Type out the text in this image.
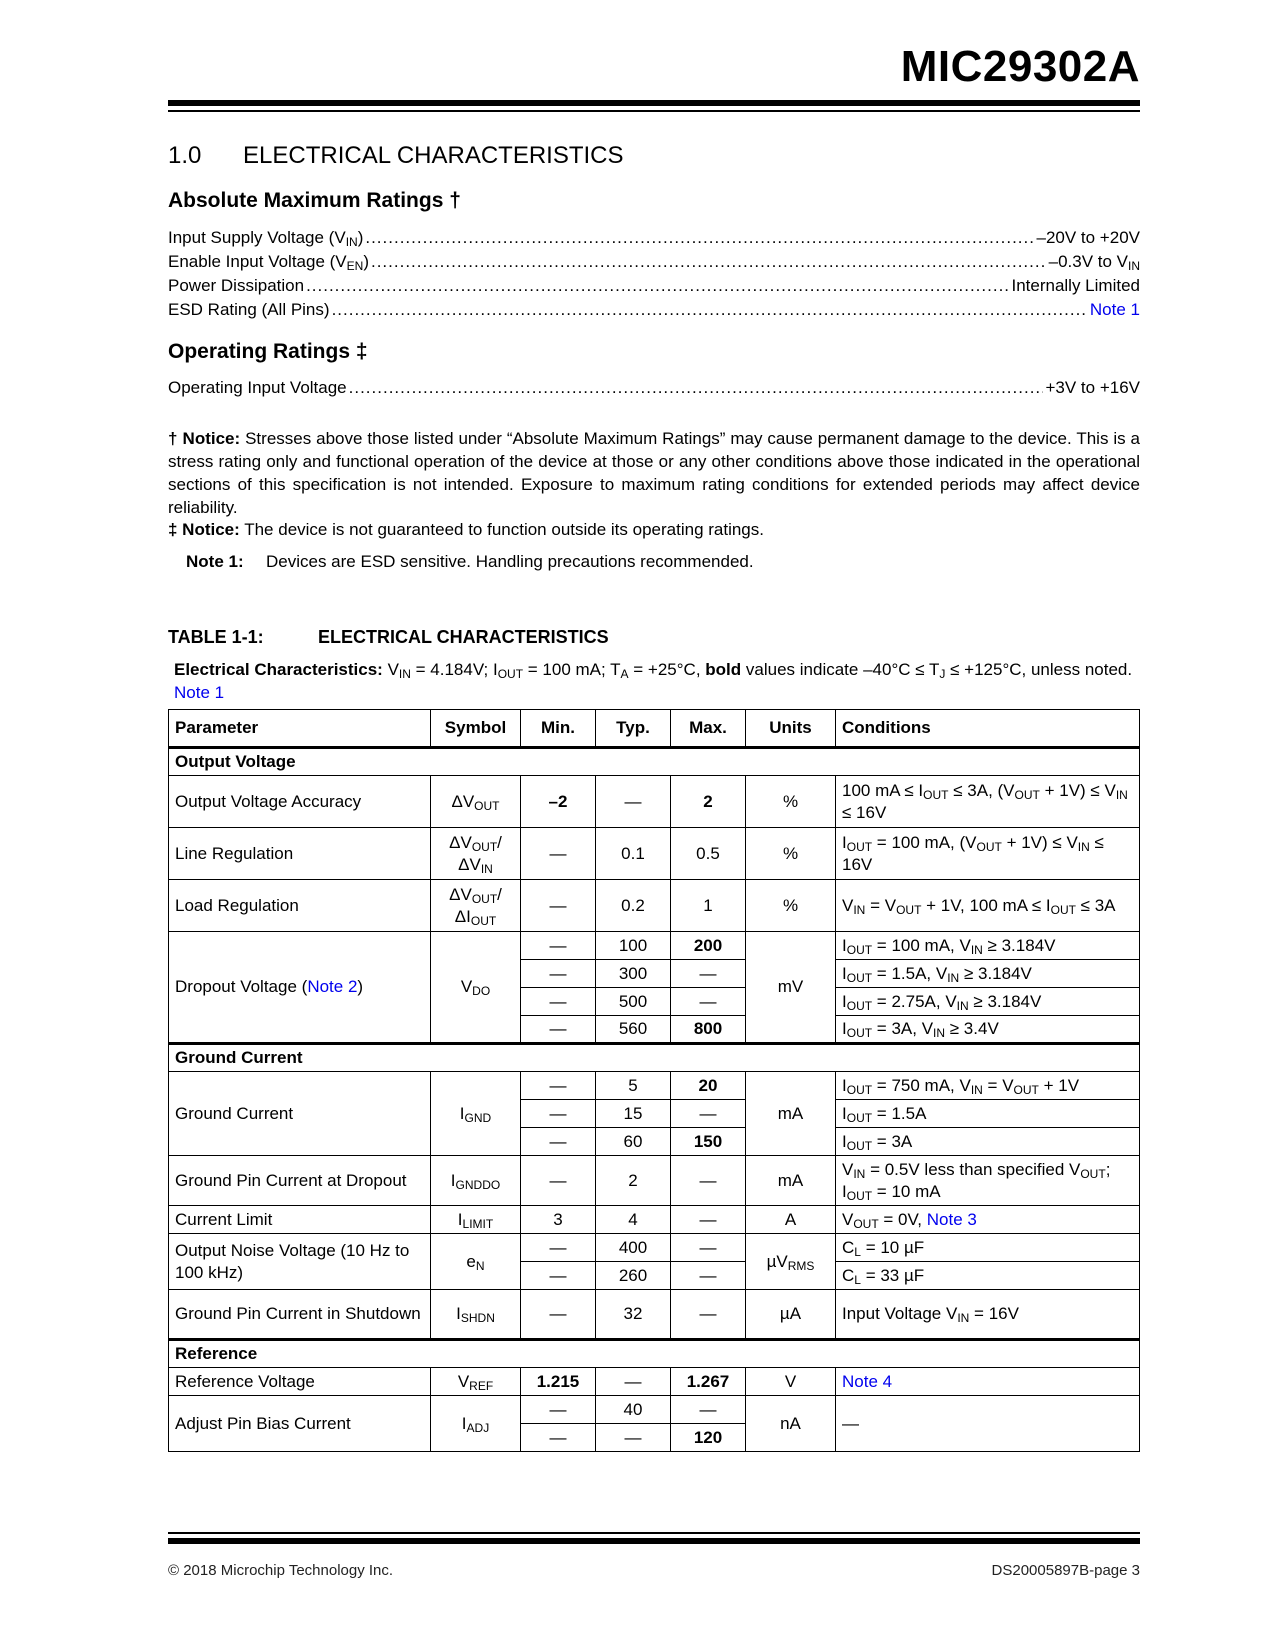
MIC29302A
1.0 ELECTRICAL CHARACTERISTICS
Absolute Maximum Ratings †
Input Supply Voltage $(V_{IN})$ .....	–20V to +20V
Enable Input Voltage $(V_{EN})$ .....	–0.3V to $V_{IN}$
Power Dissipation .....	Internally Limited
ESD Rating (All Pins) .....	Note 1
Operating Ratings ‡
Operating Input Voltage .....	+3V to +16V
† Notice: Stresses above those listed under “Absolute Maximum Ratings” may cause permanent damage to the device. This is a stress rating only and functional operation of the device at those or any other conditions above those indicated in the operational sections of this specification is not intended. Exposure to maximum rating conditions for extended periods may affect device reliability.
‡ Notice: The device is not guaranteed to function outside its operating ratings.
Note 1: Devices are ESD sensitive. Handling precautions recommended.
TABLE 1-1:	ELECTRICAL CHARACTERISTICS
Electrical Characteristics: $V_{IN} = 4.184V$; $I_{OUT} = 100$ mA; $T_A = +25^\circ C$, bold values indicate $-40^\circ C \le T_J \le +125^\circ C$, unless noted. Note 1
Parameter	Symbol	Min.	Typ.	Max.	Units	Conditions
Output Voltage						
Output Voltage Accuracy	$\Delta V_{OUT}$	–2	—	2	%	100 mA ≤ $I_{OUT} \le 3A$, $(V_{OUT} + 1V) \le V_{IN} \le 16V$
Line Regulation	$\Delta V_{OUT}/$
$\Delta V_{IN}$	—	0.1	0.5	%	$I_{OUT} = 100$ mA, $(V_{OUT} + 1V) \le V_{IN} \le 16V$
Load Regulation	$\Delta V_{OUT}/$
$\Delta I_{OUT}$	—	0.2	1	%	$V_{IN} = V_{OUT} + 1V$, 100 mA ≤ $I_{OUT} \le 3A$
Dropout Voltage (Note 2)	$V_{DO}$	—	100	200	mV	$I_{OUT} = 100$ mA, $V_{IN} \ge 3.184V$
		—	300	—		$I_{OUT} = 1.5A$, $V_{IN} \ge 3.184V$
		—	500	—		$I_{OUT} = 2.75A$, $V_{IN} \ge 3.184V$
		—	560	800		$I_{OUT} = 3A$, $V_{IN} \ge 3.4V$
Ground Current						
Ground Current	$I_{GND}$	—	5	20	mA	$I_{OUT} = 750$ mA, $V_{IN} = V_{OUT} + 1V$
		—	15	—		$I_{OUT} = 1.5A$
		—	60	150		$I_{OUT} = 3A$
Ground Pin Current at Dropout	$I_{GNDDO}$	—	2	—	mA	$V_{IN} = 0.5V$ less than specified $V_{OUT}$; $I_{OUT} = 10$ mA
Current Limit	$I_{LIMIT}$	3	4	—	A	$V_{OUT} = 0V$, Note 3
Output Noise Voltage (10 Hz to 100 kHz)	$e_N$	—	400	—	µV$_{RMS}$	$C_L = 10$ µF
		—	260	—		$C_L = 33$ µF
Ground Pin Current in Shutdown	$I_{SHDN}$	—	32	—	µA	Input Voltage $V_{IN} = 16V$
Reference						
Reference Voltage	$V_{REF}$	1.215	—	1.267	V	Note 4
Adjust Pin Bias Current	$I_{ADJ}$	—	40	—	nA	—
		—	—	120		
© 2018 Microchip Technology Inc.	DS20005897B-page 3
